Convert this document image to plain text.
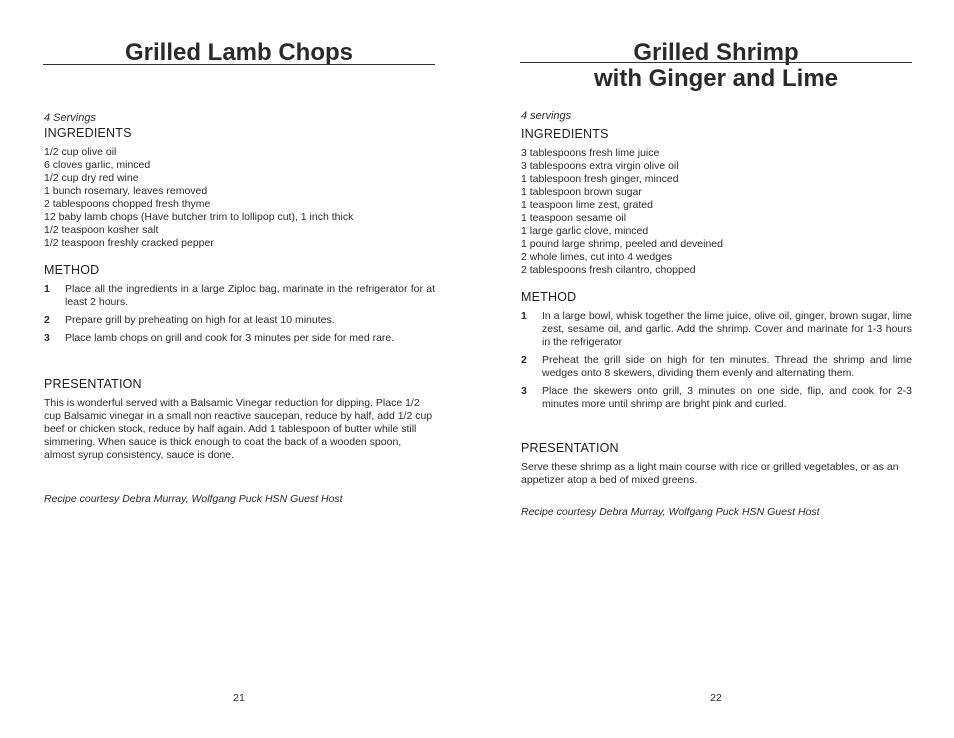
Grilled Lamb Chops
4 Servings
INGREDIENTS
1/2 cup olive oil
6 cloves garlic, minced
1/2 cup dry red wine
1 bunch rosemary, leaves removed
2 tablespoons chopped fresh thyme
12 baby lamb chops (Have butcher trim to lollipop cut), 1 inch thick
1/2 teaspoon kosher salt
1/2 teaspoon freshly cracked pepper
METHOD
1 Place all the ingredients in a large Ziploc bag, marinate in the refrigerator for at least 2 hours.
2 Prepare grill by preheating on high for at least 10 minutes.
3 Place lamb chops on grill and cook for 3 minutes per side for med rare.
PRESENTATION

This is wonderful served with a Balsamic Vinegar reduction for dipping. Place 1/2 cup Balsamic vinegar in a small non reactive saucepan, reduce by half, add 1/2 cup beef or chicken stock, reduce by half again. Add 1 tablespoon of butter while still simmering. When sauce is thick enough to coat the back of a wooden spoon, almost syrup consistency, sauce is done.

Recipe courtesy Debra Murray, Wolfgang Puck HSN Guest Host

21
Grilled Shrimp
with Ginger and Lime
4 servings
INGREDIENTS
3 tablespoons fresh lime juice
3 tablespoons extra virgin olive oil
1 tablespoon fresh ginger, minced
1 tablespoon brown sugar
1 teaspoon lime zest, grated
1 teaspoon sesame oil
1 large garlic clove, minced
1 pound large shrimp, peeled and deveined
2 whole limes, cut into 4 wedges
2 tablespoons fresh cilantro, chopped
METHOD
1 In a large bowl, whisk together the lime juice, olive oil, ginger, brown sugar, lime zest, sesame oil, and garlic. Add the shrimp. Cover and marinate for 1-3 hours in the refrigerator
2 Preheat the grill side on high for ten minutes. Thread the shrimp and lime wedges onto 8 skewers, dividing them evenly and alternating them.
3 Place the skewers onto grill, 3 minutes on one side, flip, and cook for 2-3 minutes more until shrimp are bright pink and curled.
PRESENTATION

Serve these shrimp as a light main course with rice or grilled vegetables, or as an appetizer atop a bed of mixed greens.

Recipe courtesy Debra Murray, Wolfgang Puck HSN Guest Host

22
